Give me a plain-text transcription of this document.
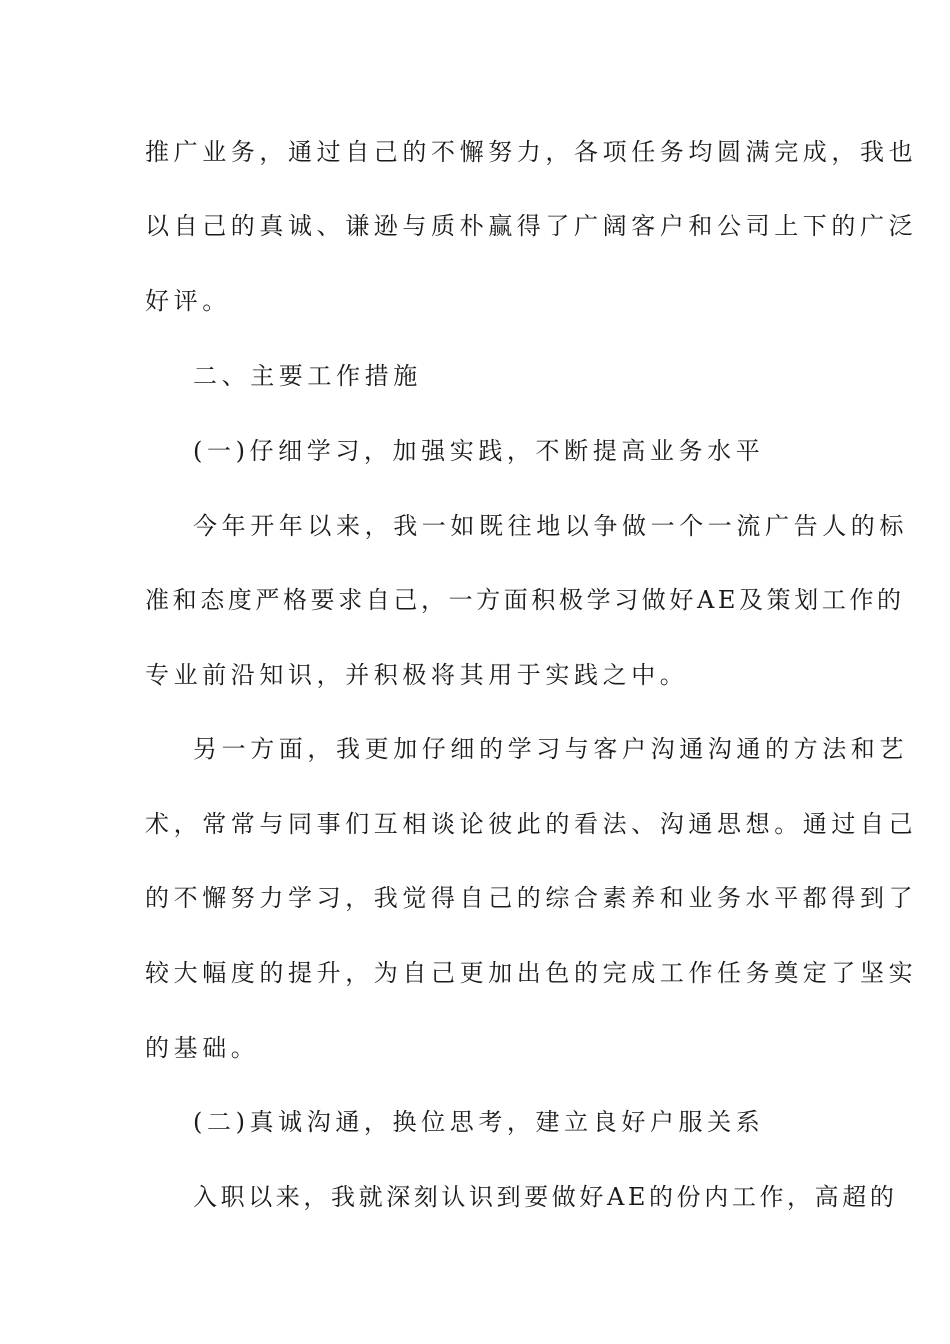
推广业务，通过自己的不懈努力，各项任务均圆满完成，我也
以自己的真诚、谦逊与质朴赢得了广阔客户和公司上下的广泛
好评。
二、主要工作措施
(一)仔细学习，加强实践，不断提高业务水平
今年开年以来，我一如既往地以争做一个一流广告人的标
准和态度严格要求自己，一方面积极学习做好AE及策划工作的
专业前沿知识，并积极将其用于实践之中。
另一方面，我更加仔细的学习与客户沟通沟通的方法和艺
术，常常与同事们互相谈论彼此的看法、沟通思想。通过自己
的不懈努力学习，我觉得自己的综合素养和业务水平都得到了
较大幅度的提升，为自己更加出色的完成工作任务奠定了坚实
的基础。
(二)真诚沟通，换位思考，建立良好户服关系
入职以来，我就深刻认识到要做好AE的份内工作，高超的
